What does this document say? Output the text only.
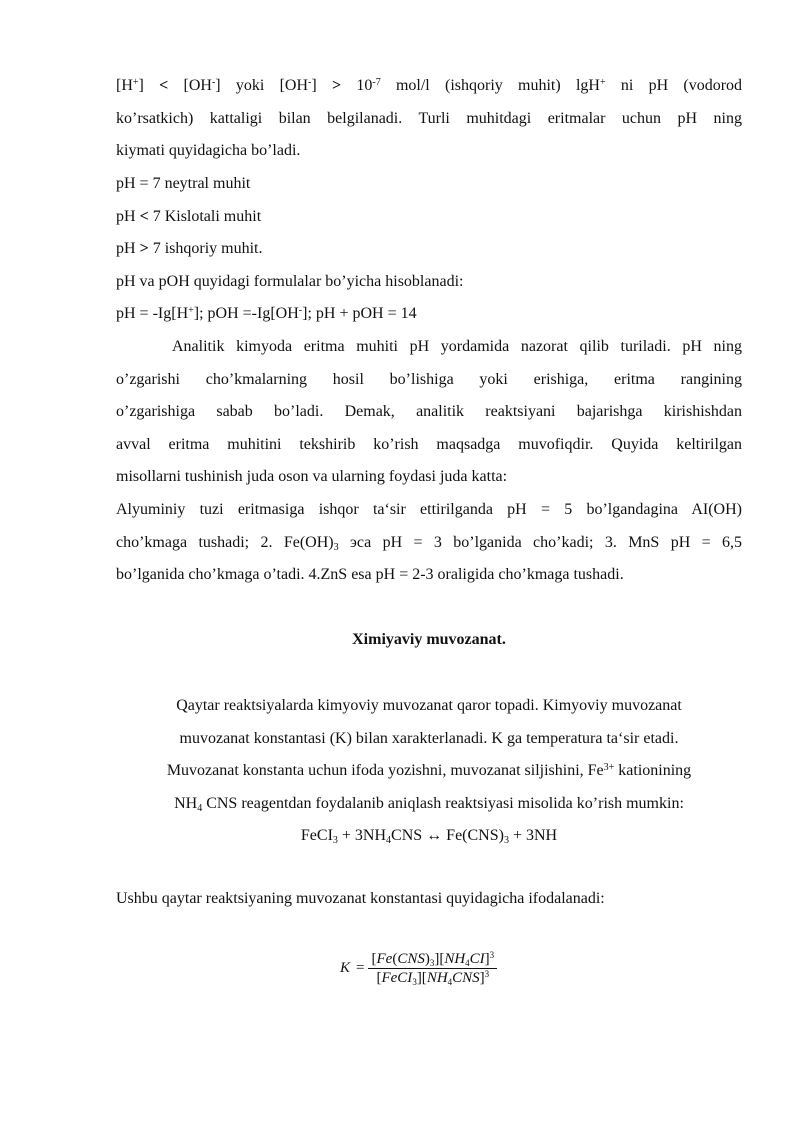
[H+] < [OH-] yoki $[OH^-] > 10^{-7}$ mol/l (ishqoriy muhit) lgH+ ni pH (vodorod
ko’rsatkich) kattaligi bilan belgilanadi. Turli muhitdagi eritmalar uchun pH ning
kiymati quyidagicha bo’ladi.
pH = 7 neytral muhit
pH < 7 Kislotali muhit
pH > 7 ishqoriy muhit.
pH va pOH quyidagi formulalar bo’yicha hisoblanadi:
pH = -Ig[H+]; pOH =-Ig[OH-]; pH + pOH = 14
Analitik kimyoda eritma muhiti pH yordamida nazorat qilib turiladi. pH ning
o’zgarishi cho’kmalarning hosil bo’lishiga yoki erishiga, eritma rangining
o’zgarishiga sabab bo’ladi. Demak, analitik reaktsiyani bajarishga kirishishdan
avval eritma muhitini tekshirib ko’rish maqsadga muvofiqdir. Quyida keltirilgan
misollarni tushinish juda oson va ularning foydasi juda katta:
Alyuminiy tuzi eritmasiga ishqor ta‘sir ettirilganda pH = 5 bo’lgandagina AI(OH)
cho’kmaga tushadi; 2. $Fe(OH)_3$ эса pH = 3 bo’lganida cho’kadi; 3. MnS pH = 6,5
bo’lganida cho’kmaga o’tadi. 4.ZnS esa pH = 2-3 oraligida cho’kmaga tushadi.
Ximiyaviy muvozanat.
Qaytar reaktsiyalarda kimyoviy muvozanat qaror topadi. Kimyoviy muvozanat
muvozanat konstantasi (K) bilan xarakterlanadi. K ga temperatura ta‘sir etadi.
Muvozanat konstanta uchun ifoda yozishni, muvozanat siljishini, $Fe^{3+}$ kationining
$NH_4$ CNS reagentdan foydalanib aniqlash reaktsiyasi misolida ko’rish mumkin:
FeCI$_3$ + $3NH_4CNS$ ↔ $Fe(CNS)_3 + 3NH$
Ushbu qaytar reaktsiyaning muvozanat konstantasi quyidagicha ifodalanadi:
$K = \frac{[Fe(CNS)_3][NH_4CI]^3}{[FeCI_3][NH_4CNS]^3}$
